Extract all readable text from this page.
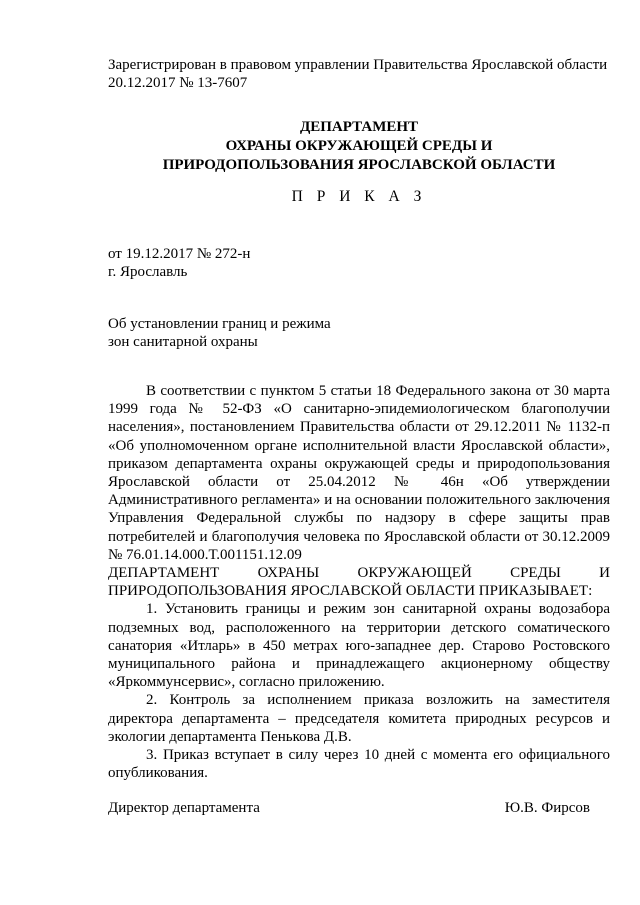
Зарегистрирован в правовом управлении Правительства Ярославской области
20.12.2017 № 13-7607
ДЕПАРТАМЕНТ
ОХРАНЫ ОКРУЖАЮЩЕЙ СРЕДЫ И
ПРИРОДОПОЛЬЗОВАНИЯ ЯРОСЛАВСКОЙ ОБЛАСТИ
П Р И К А З
от 19.12.2017 № 272-н
г. Ярославль
Об установлении границ и режима
зон санитарной охраны

В соответствии с пунктом 5 статьи 18 Федерального закона от 30 марта 1999 года № 52-ФЗ «О санитарно-эпидемиологическом благополучии населения», постановлением Правительства области от 29.12.2011 № 1132-п «Об уполномоченном органе исполнительной власти Ярославской области», приказом департамента охраны окружающей среды и природопользования Ярославской области от 25.04.2012 № 46н «Об утверждении Административного регламента» и на основании положительного заключения Управления Федеральной службы по надзору в сфере защиты прав потребителей и благополучия человека по Ярославской области от 30.12.2009 № 76.01.14.000.Т.001151.12.09

ДЕПАРТАМЕНТ ОХРАНЫ ОКРУЖАЮЩЕЙ СРЕДЫ И

ПРИРОДОПОЛЬЗОВАНИЯ ЯРОСЛАВСКОЙ ОБЛАСТИ ПРИКАЗЫВАЕТ:

1. Установить границы и режим зон санитарной охраны водозабора подземных вод, расположенного на территории детского соматического санатория «Итларь» в 450 метрах юго-западнее дер. Старово Ростовского муниципального района и принадлежащего акционерному обществу «Яркоммунсервис», согласно приложению.

2. Контроль за исполнением приказа возложить на заместителя директора департамента – председателя комитета природных ресурсов и экологии департамента Пенькова Д.В.

3. Приказ вступает в силу через 10 дней с момента его официального опубликования.

Директор департамента	Ю.В. Фирсов
